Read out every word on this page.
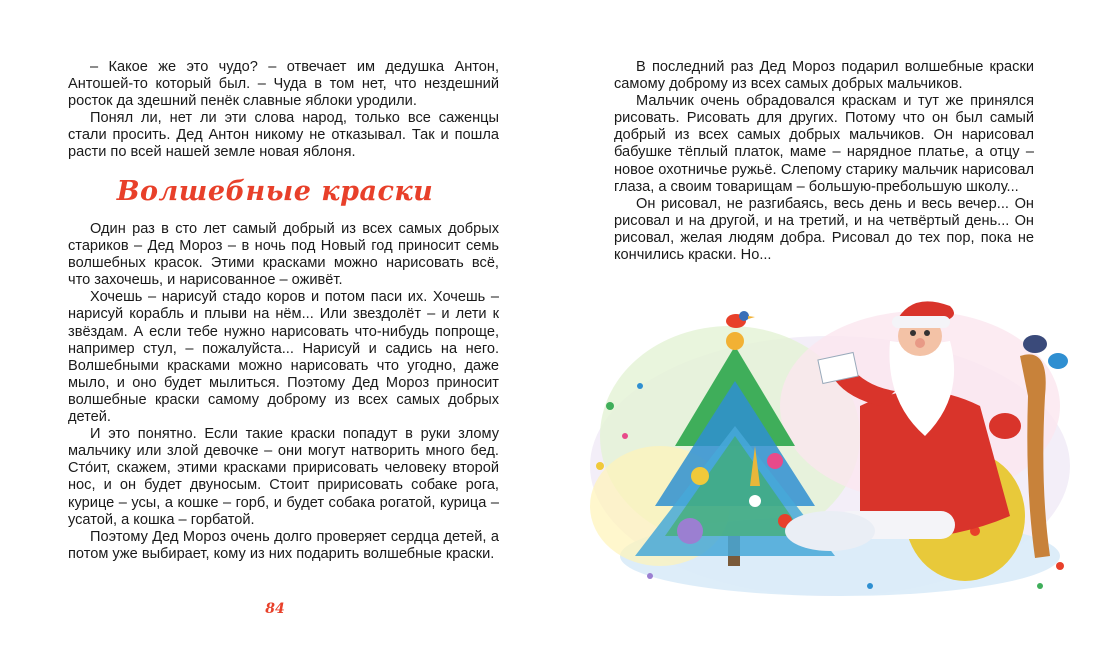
– Какое же это чудо? – отвечает им дедушка Антон, Антошей-то который был. – Чуда в том нет, что нездешний росток да здешний пенёк славные яблоки уродили.

Понял ли, нет ли эти слова народ, только все саженцы стали просить. Дед Антон никому не отказывал. Так и пошла расти по всей нашей земле новая яблоня.

Волшебные краски

Один раз в сто лет самый добрый из всех самых добрых стариков – Дед Мороз – в ночь под Новый год приносит семь волшебных красок. Этими красками можно нарисовать всё, что захочешь, и нарисованное – оживёт.

Хочешь – нарисуй стадо коров и потом паси их. Хочешь – нарисуй корабль и плыви на нём... Или звездолёт – и лети к звёздам. А если тебе нужно нарисовать что-нибудь попроще, например стул, – пожалуйста... Нарисуй и садись на него. Волшебными красками можно нарисовать что угодно, даже мыло, и оно будет мылиться. Поэтому Дед Мороз приносит волшебные краски самому доброму из всех самых добрых детей.

И это понятно. Если такие краски попадут в руки злому мальчику или злой девочке – они могут натворить много бед. Сто́ит, скажем, этими красками пририсовать человеку второй нос, и он будет двуносым. Стоит пририсовать собаке рога, курице – усы, а кошке – горб, и будет собака рогатой, курица – усатой, а кошка – горбатой.

Поэтому Дед Мороз очень долго проверяет сердца детей, а потом уже выбирает, кому из них подарить волшебные краски.

84

В последний раз Дед Мороз подарил волшебные краски самому доброму из всех самых добрых мальчиков.

Мальчик очень обрадовался краскам и тут же принялся рисовать. Рисовать для других. Потому что он был самый добрый из всех самых добрых мальчиков. Он нарисовал бабушке тёплый платок, маме – нарядное платье, а отцу – новое охотничье ружьё. Слепому старику мальчик нарисовал глаза, а своим товарищам – большую-пребольшую школу...

Он рисовал, не разгибаясь, весь день и весь вечер... Он рисовал и на другой, и на третий, и на четвёртый день... Он рисовал, желая людям добра. Рисовал до тех пор, пока не кончились краски. Но...
